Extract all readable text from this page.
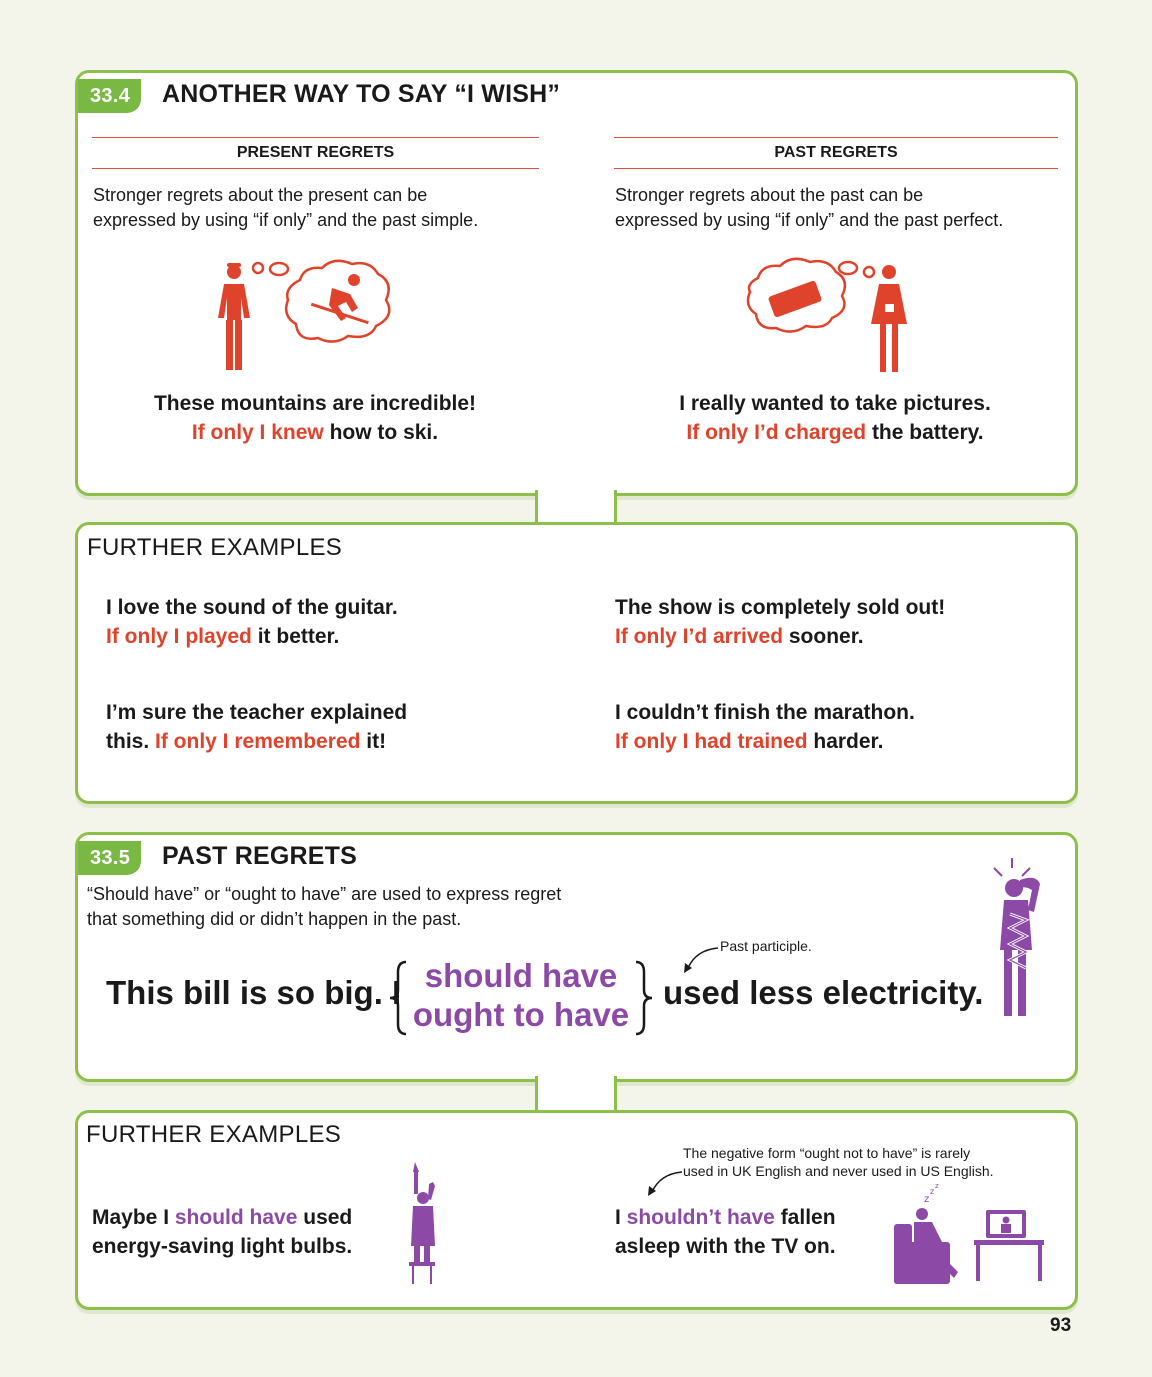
33.4	ANOTHER WAY TO SAY “I WISH”
PRESENT REGRETS	PAST REGRETS
Stronger regrets about the present can be
expressed by using “if only” and the past simple.
Stronger regrets about the past can be
expressed by using “if only” and the past perfect.
These mountains are incredible!
If only I knew how to ski.
I really wanted to take pictures.
If only I’d charged the battery.
FURTHER EXAMPLES
I love the sound of the guitar.
If only I played it better.
The show is completely sold out!
If only I’d arrived sooner.
I’m sure the teacher explained
this. If only I remembered it!
I couldn’t finish the marathon.
If only I had trained harder.
33.5	PAST REGRETS
“Should have” or “ought to have” are used to express regret
that something did or didn’t happen in the past.
This bill is so big. I should have
ought to have
used less electricity.
Past participle.
FURTHER EXAMPLES
Maybe I should have used
energy-saving light bulbs.
The negative form “ought not to have” is rarely
used in UK English and never used in US English.
I shouldn’t have fallen
asleep with the TV on.
z
z
z
93
